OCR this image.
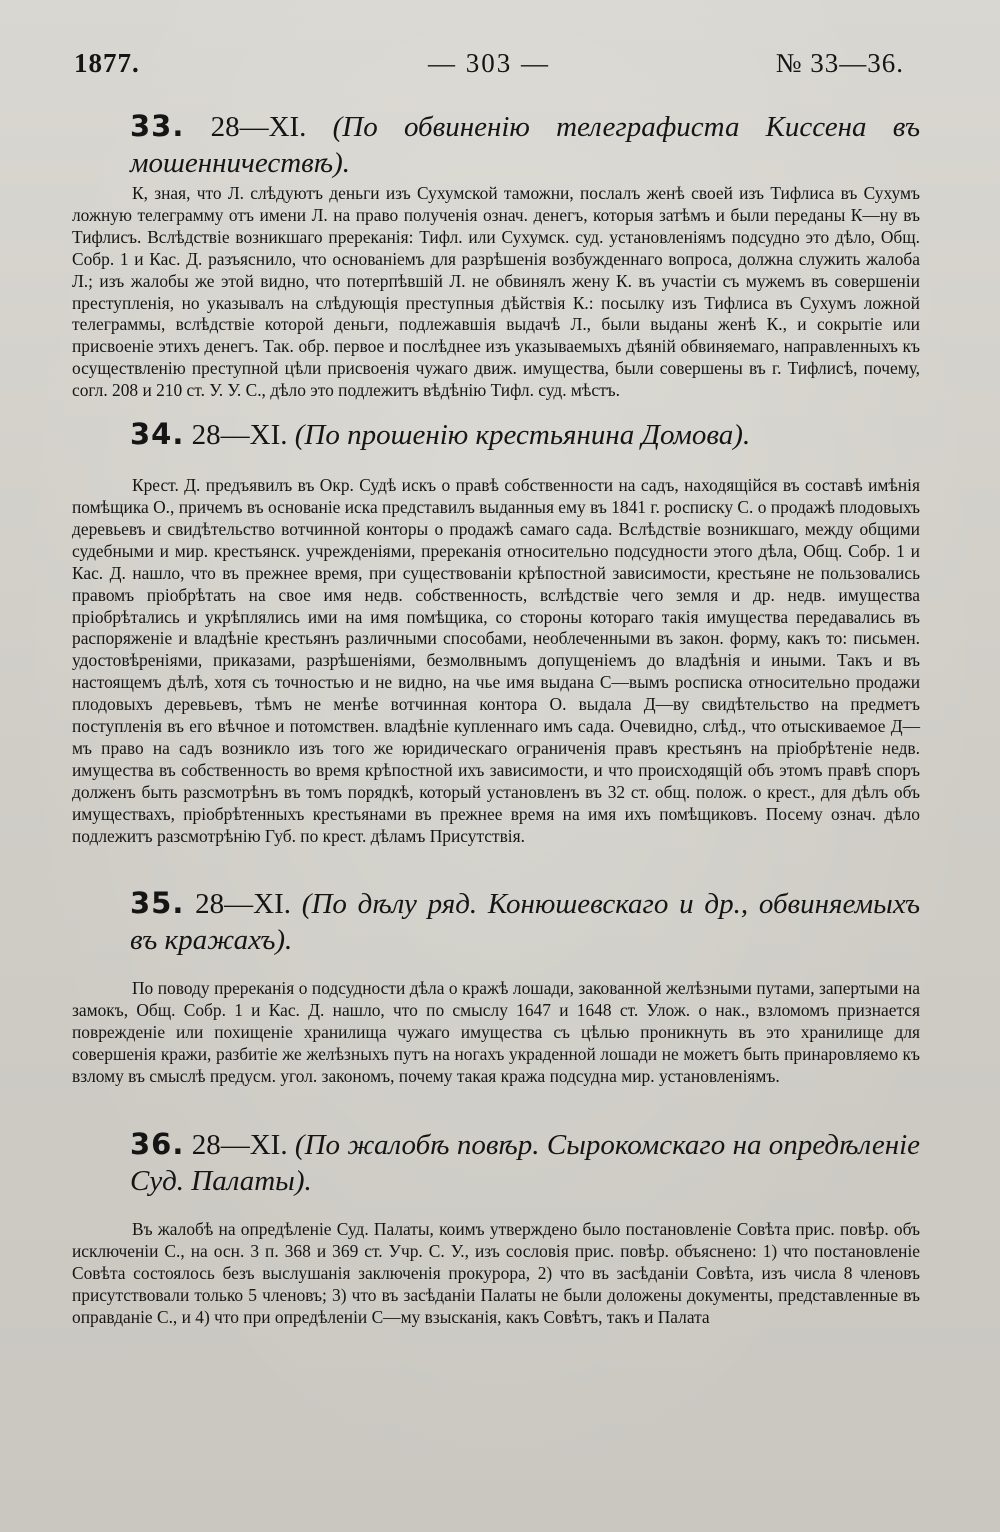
1877.	— 303 —	№ 33—36.

33. 28—XI. (По обвиненію телеграфиста Киссена въ мошенничествѣ).

К, зная, что Л. слѣдуютъ деньги изъ Сухумской таможни, послалъ женѣ своей изъ Тифлиса въ Сухумъ ложную телеграмму отъ имени Л. на право полученія означ. денегъ, которыя затѣмъ и были переданы К—ну въ Тифлисъ. Вслѣдствіе возникшаго пререканія: Тифл. или Сухумск. суд. установленіямъ подсудно это дѣло, Общ. Собр. 1 и Кас. Д. разъяснило, что основаніемъ для разрѣшенія возбужденнаго вопроса, должна служить жалоба Л.; изъ жалобы же этой видно, что потерпѣвшій Л. не обвинялъ жену К. въ участіи съ мужемъ въ совершеніи преступленія, но указывалъ на слѣдующія преступныя дѣйствія К.: посылку изъ Тифлиса въ Сухумъ ложной телеграммы, вслѣдствіе которой деньги, подлежавшія выдачѣ Л., были выданы женѣ К., и сокрытіе или присвоеніе этихъ денегъ. Так. обр. первое и послѣднее изъ указываемыхъ дѣяній обвиняемаго, направленныхъ къ осуществленію преступной цѣли присвоенія чужаго движ. имущества, были совершены въ г. Тифлисѣ, почему, согл. 208 и 210 ст. У. У. С., дѣло это подлежитъ вѣдѣнію Тифл. суд. мѣстъ.

34. 28—XI. (По прошенію крестьянина Домова).

Крест. Д. предъявилъ въ Окр. Судѣ искъ о правѣ собственности на садъ, находящійся въ составѣ имѣнія помѣщика О., причемъ въ основаніе иска представилъ выданныя ему въ 1841 г. росписку С. о продажѣ плодовыхъ деревьевъ и свидѣтельство вотчинной конторы о продажѣ самаго сада. Вслѣдствіе возникшаго, между общими судебными и мир. крестьянск. учрежденіями, пререканія относительно подсудности этого дѣла, Общ. Собр. 1 и Кас. Д. нашло, что въ прежнее время, при существованіи крѣпостной зависимости, крестьяне не пользовались правомъ пріобрѣтать на свое имя недв. собственность, вслѣдствіе чего земля и др. недв. имущества пріобрѣтались и укрѣплялись ими на имя помѣщика, со стороны котораго такія имущества передавались въ распоряженіе и владѣніе крестьянъ различными способами, необлеченными въ закон. форму, какъ то: письмен. удостовѣреніями, приказами, разрѣшеніями, безмолвнымъ допущеніемъ до владѣнія и иными. Такъ и въ настоящемъ дѣлѣ, хотя съ точностью и не видно, на чье имя выдана С—вымъ росписка относительно продажи плодовыхъ деревьевъ, тѣмъ не менѣе вотчинная контора О. выдала Д—ву свидѣтельство на предметъ поступленія въ его вѣчное и потомствен. владѣніе купленнаго имъ сада. Очевидно, слѣд., что отыскиваемое Д—мъ право на садъ возникло изъ того же юридическаго ограниченія правъ крестьянъ на пріобрѣтеніе недв. имущества въ собственность во время крѣпостной ихъ зависимости, и что происходящій объ этомъ правѣ споръ долженъ быть разсмотрѣнъ въ томъ порядкѣ, который установленъ въ 32 ст. общ. полож. о крест., для дѣлъ объ имуществахъ, пріобрѣтенныхъ крестьянами въ прежнее время на имя ихъ помѣщиковъ. Посему означ. дѣло подлежитъ разсмотрѣнію Губ. по крест. дѣламъ Присутствія.

35. 28—XI. (По дѣлу ряд. Конюшевскаго и др., обвиняемыхъ въ кражахъ).

По поводу пререканія о подсудности дѣла о кражѣ лошади, закованной желѣзными путами, запертыми на замокъ, Общ. Собр. 1 и Кас. Д. нашло, что по смыслу 1647 и 1648 ст. Улож. о нак., взломомъ признается поврежденіе или похищеніе хранилища чужаго имущества съ цѣлью проникнуть въ это хранилище для совершенія кражи, разбитіе же желѣзныхъ путъ на ногахъ украденной лошади не можетъ быть принаровляемо къ взлому въ смыслѣ предусм. угол. закономъ, почему такая кража подсудна мир. установленіямъ.

36. 28—XI. (По жалобѣ повѣр. Сырокомскаго на опредѣленіе Суд. Палаты).

Въ жалобѣ на опредѣленіе Суд. Палаты, коимъ утверждено было постановленіе Совѣта прис. повѣр. объ исключеніи С., на осн. 3 п. 368 и 369 ст. Учр. С. У., изъ сословія прис. повѣр. объяснено: 1) что постановленіе Совѣта состоялось безъ выслушанія заключенія прокурора, 2) что въ засѣданіи Совѣта, изъ числа 8 членовъ присутствовали только 5 членовъ; 3) что въ засѣданіи Палаты не были доложены документы, представленные въ оправданіе С., и 4) что при опредѣленіи С—му взысканія, какъ Совѣтъ, такъ и Палата
